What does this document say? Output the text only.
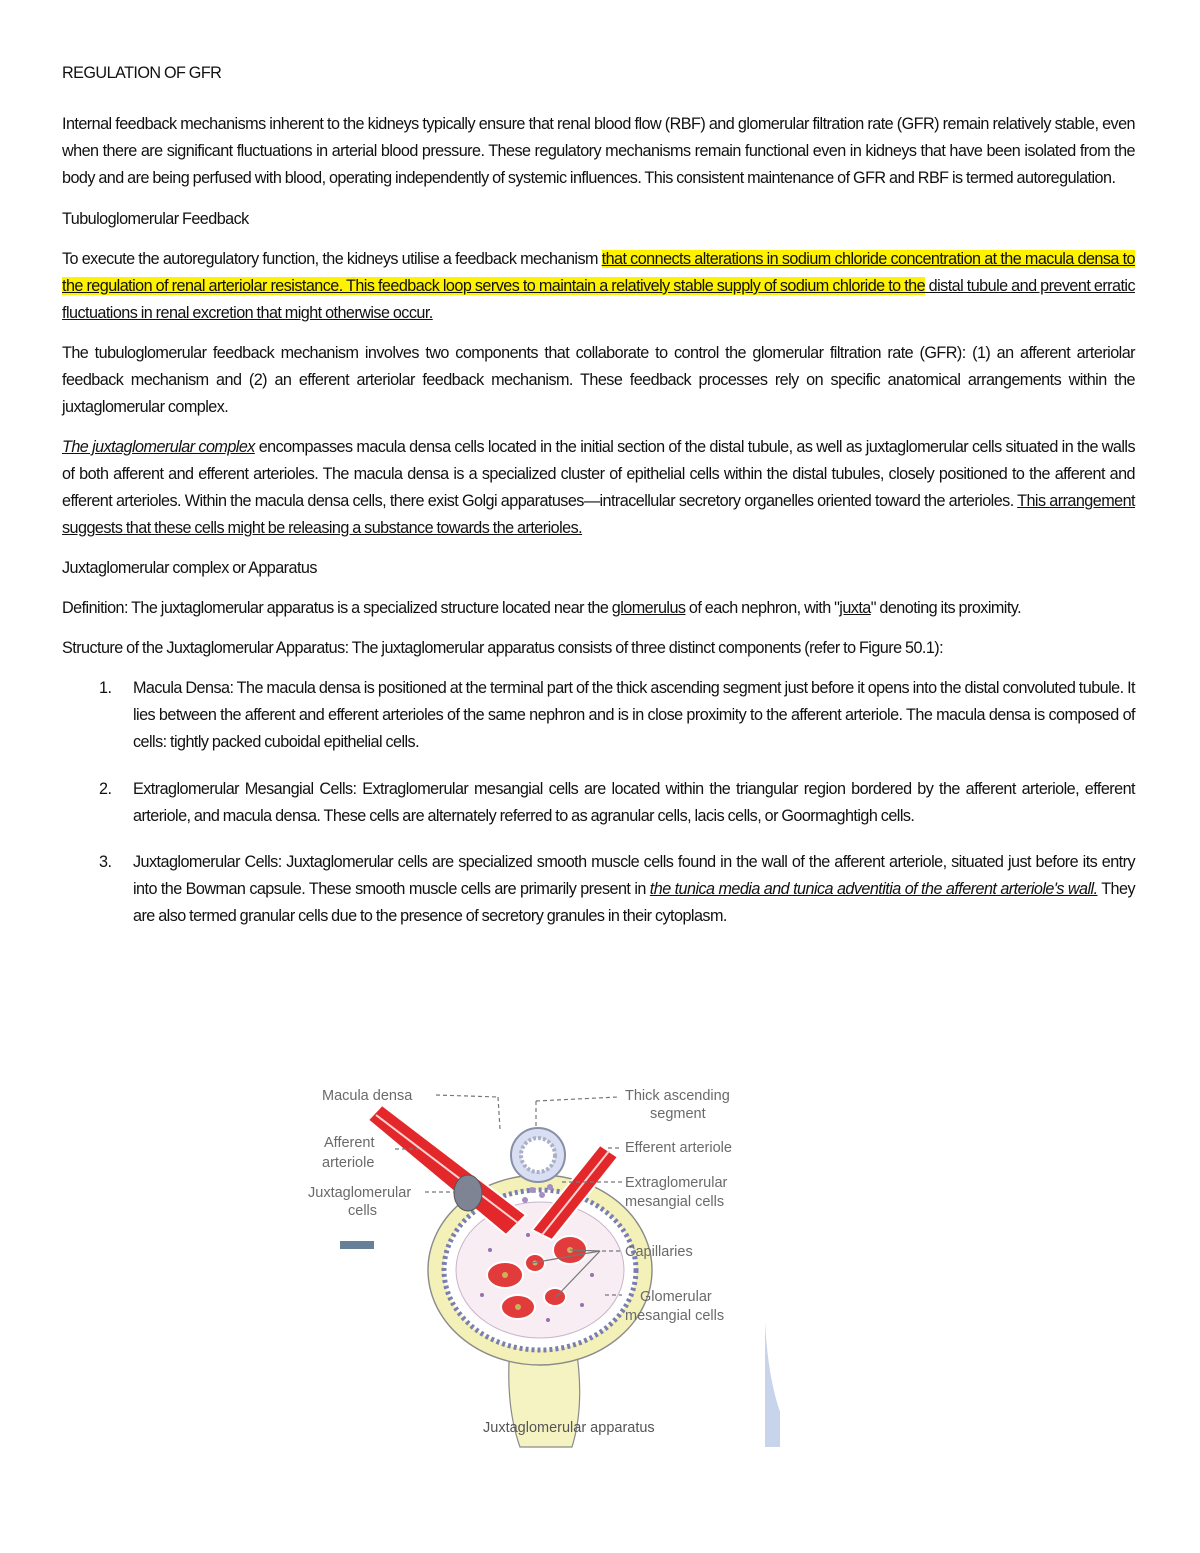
REGULATION OF GFR

Internal feedback mechanisms inherent to the kidneys typically ensure that renal blood flow (RBF) and glomerular filtration rate (GFR) remain relatively stable, even when there are significant fluctuations in arterial blood pressure. These regulatory mechanisms remain functional even in kidneys that have been isolated from the body and are being perfused with blood, operating independently of systemic influences. This consistent maintenance of GFR and RBF is termed autoregulation.

Tubuloglomerular Feedback

To execute the autoregulatory function, the kidneys utilise a feedback mechanism that connects alterations in sodium chloride concentration at the macula densa to the regulation of renal arteriolar resistance. This feedback loop serves to maintain a relatively stable supply of sodium chloride to the distal tubule and prevent erratic fluctuations in renal excretion that might otherwise occur.

The tubuloglomerular feedback mechanism involves two components that collaborate to control the glomerular filtration rate (GFR): (1) an afferent arteriolar feedback mechanism and (2) an efferent arteriolar feedback mechanism. These feedback processes rely on specific anatomical arrangements within the juxtaglomerular complex.

The juxtaglomerular complex encompasses macula densa cells located in the initial section of the distal tubule, as well as juxtaglomerular cells situated in the walls of both afferent and efferent arterioles. The macula densa is a specialized cluster of epithelial cells within the distal tubules, closely positioned to the afferent and efferent arterioles. Within the macula densa cells, there exist Golgi apparatuses—intracellular secretory organelles oriented toward the arterioles. This arrangement suggests that these cells might be releasing a substance towards the arterioles.

Juxtaglomerular complex or Apparatus

Definition: The juxtaglomerular apparatus is a specialized structure located near the glomerulus of each nephron, with "juxta" denoting its proximity.

Structure of the Juxtaglomerular Apparatus: The juxtaglomerular apparatus consists of three distinct components (refer to Figure 50.1):

1. Macula Densa: The macula densa is positioned at the terminal part of the thick ascending segment just before it opens into the distal convoluted tubule. It lies between the afferent and efferent arterioles of the same nephron and is in close proximity to the afferent arteriole. The macula densa is composed of cells: tightly packed cuboidal epithelial cells.
2. Extraglomerular Mesangial Cells: Extraglomerular mesangial cells are located within the triangular region bordered by the afferent arteriole, efferent arteriole, and macula densa. These cells are alternately referred to as agranular cells, lacis cells, or Goormaghtigh cells.
3. Juxtaglomerular Cells: Juxtaglomerular cells are specialized smooth muscle cells found in the wall of the afferent arteriole, situated just before its entry into the Bowman capsule. These smooth muscle cells are primarily present in the tunica media and tunica adventitia of the afferent arteriole's wall. They are also termed granular cells due to the presence of secretory granules in their cytoplasm.
Macula densa	Thick ascending
segment
Afferent
arteriole
Efferent arteriole
Juxtaglomerular
cells
Extraglomerular
mesangial cells
Capillaries
Glomerular
mesangial cells
Juxtaglomerular apparatus
